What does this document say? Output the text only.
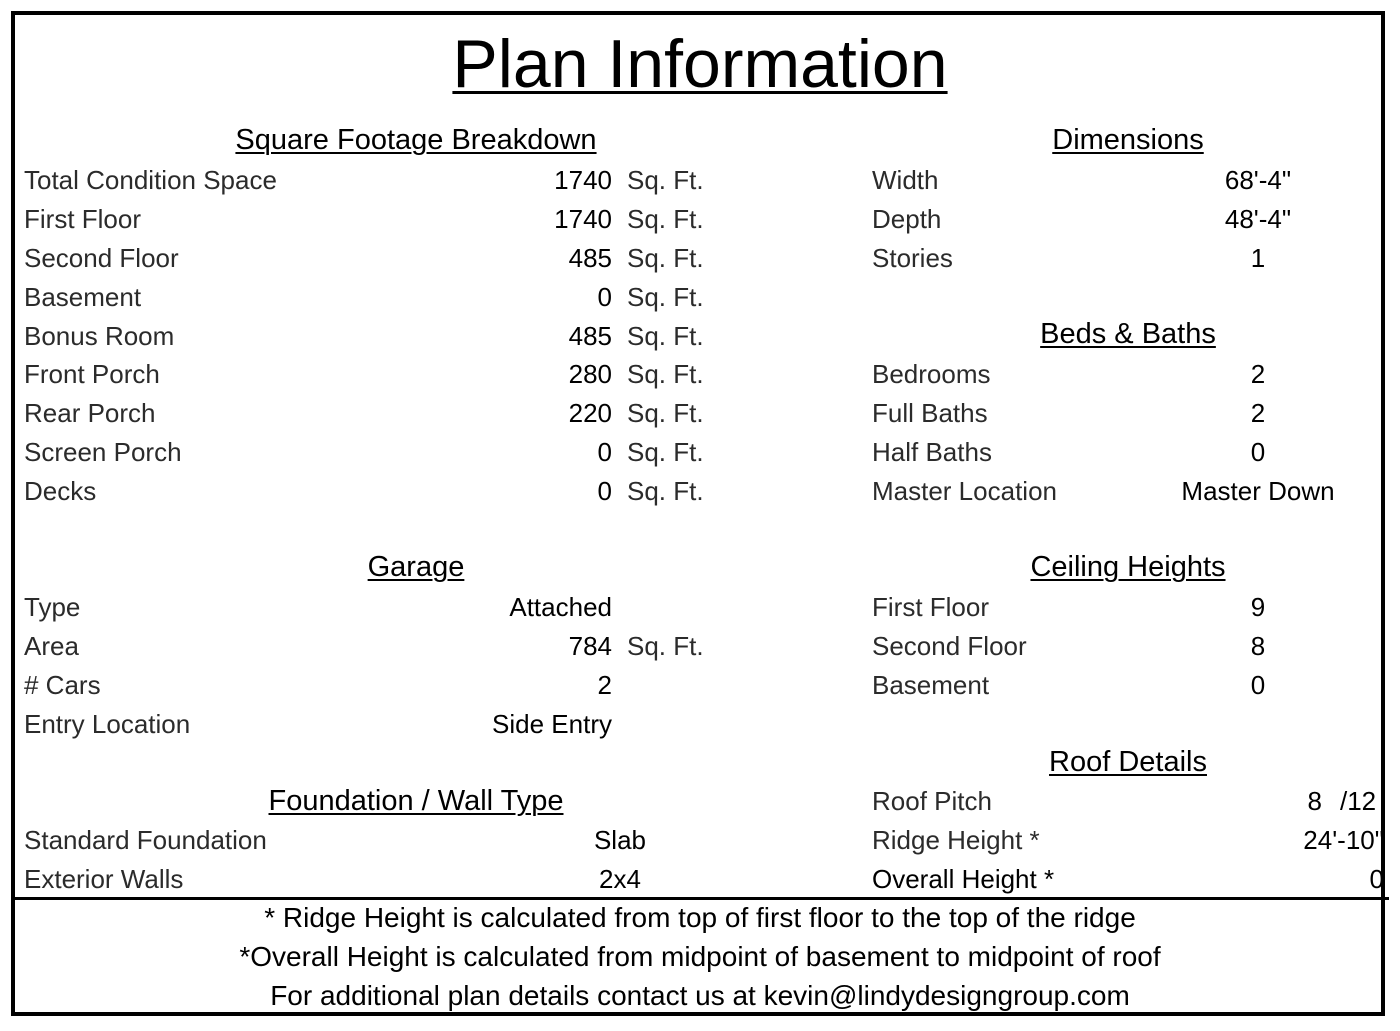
Plan Information
Square Footage Breakdown
Total Condition Space	1740 Sq. Ft.
First Floor	1740 Sq. Ft.
Second Floor	485 Sq. Ft.
Basement	0 Sq. Ft.
Bonus Room	485 Sq. Ft.
Front Porch	280 Sq. Ft.
Rear Porch	220 Sq. Ft.
Screen Porch	0 Sq. Ft.
Decks	0 Sq. Ft.
Garage
Type	Attached
Area	784 Sq. Ft.
# Cars	2
Entry Location	Side Entry
Foundation / Wall Type
Standard Foundation	Slab
Exterior Walls	2x4
Dimensions
Width	68'-4"
Depth	48'-4"
Stories	1
Beds & Baths
Bedrooms	2
Full Baths	2
Half Baths	0
Master Location	Master Down
Ceiling Heights
First Floor	9
Second Floor	8
Basement	0
Roof Details
Roof Pitch	8 /12
Ridge Height *	24'-10"
Overall Height *	0
* Ridge Height is calculated from top of first floor to the top of the ridge
*Overall Height is calculated from midpoint of basement to midpoint of roof
For additional plan details contact us at kevin@lindydesigngroup.com
